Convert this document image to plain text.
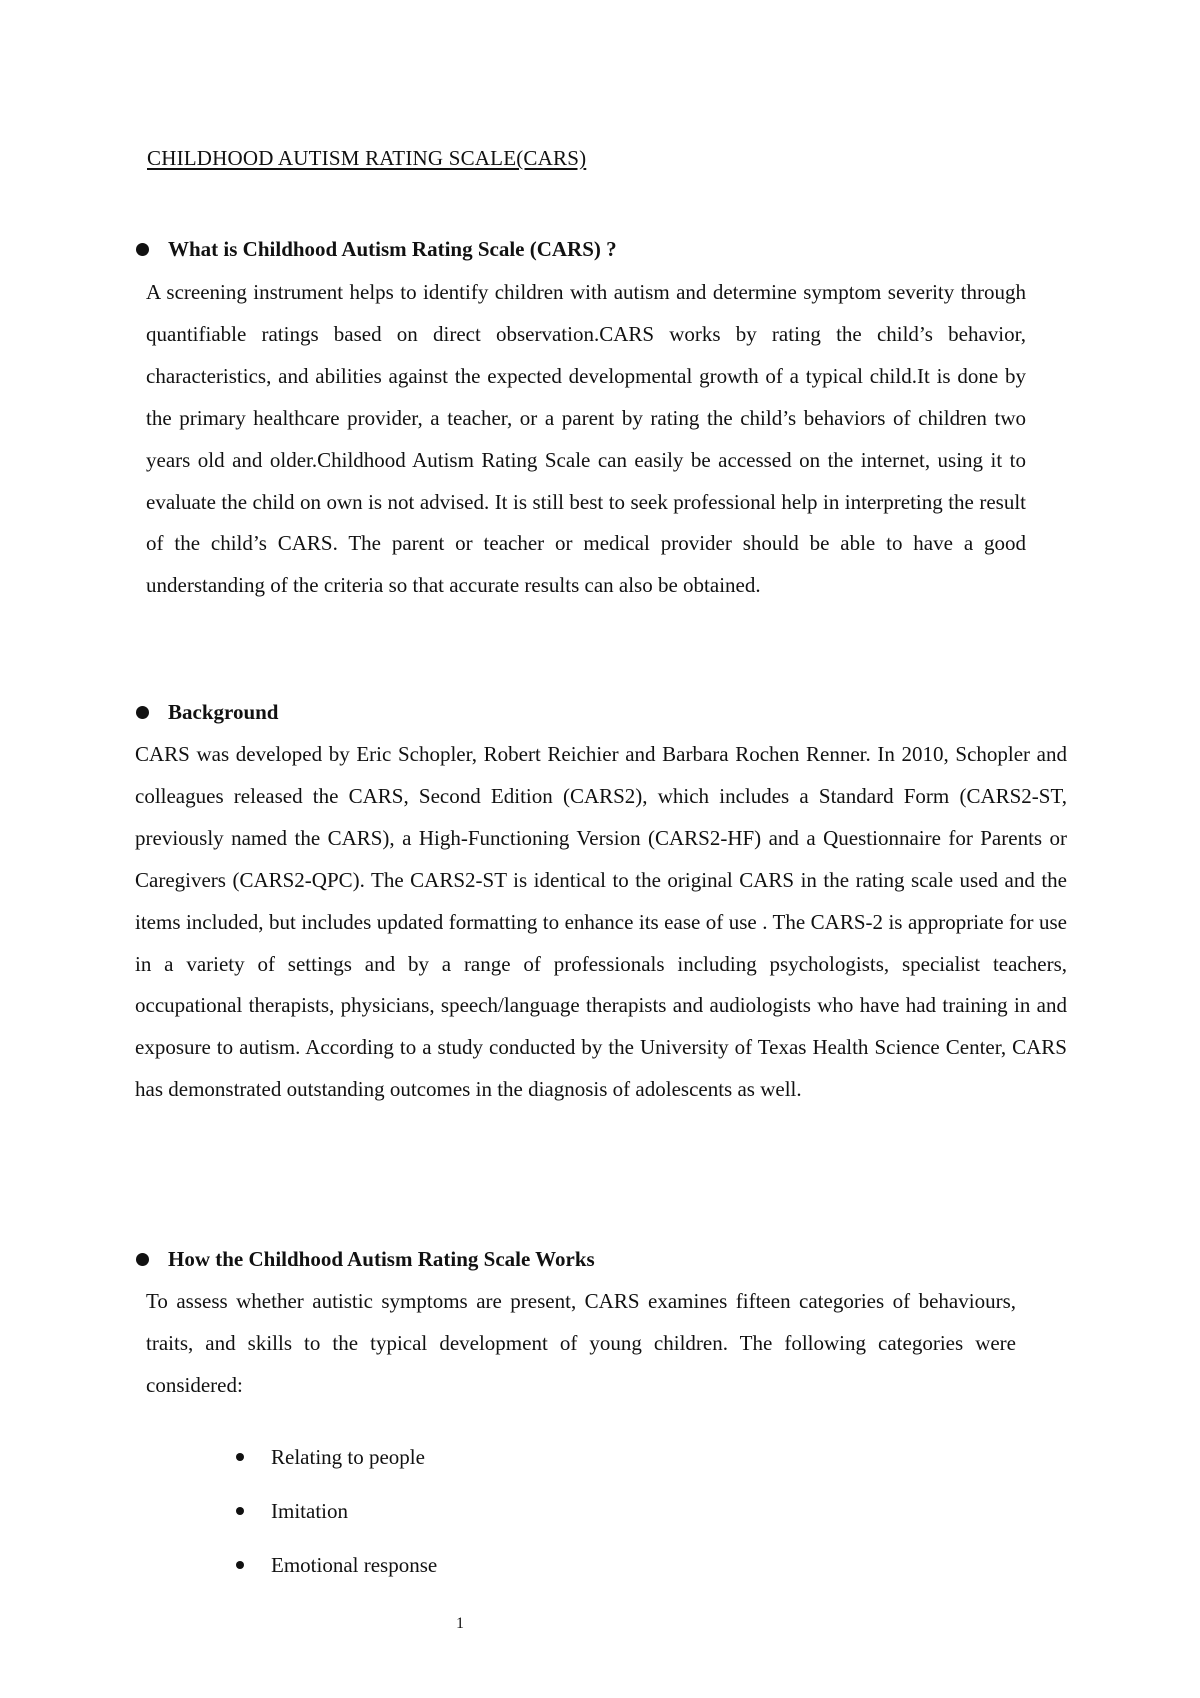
CHILDHOOD AUTISM RATING SCALE(CARS)
What is Childhood Autism Rating Scale (CARS) ?

A screening instrument helps to identify children with autism and determine symptom severity through quantifiable ratings based on direct observation.CARS works by rating the child’s behavior, characteristics, and abilities against the expected developmental growth of a typical child.It is done by the primary healthcare provider, a teacher, or a parent by rating the child’s behaviors of children two years old and older.Childhood Autism Rating Scale can easily be accessed on the internet, using it to evaluate the child on own is not advised. It is still best to seek professional help in interpreting the result of the child’s CARS. The parent or teacher or medical provider should be able to have a good understanding of the criteria so that accurate results can also be obtained.

Background

CARS was developed by Eric Schopler, Robert Reichier and Barbara Rochen Renner. In 2010, Schopler and colleagues released the CARS, Second Edition (CARS2), which includes a Standard Form (CARS2-ST, previously named the CARS), a High-Functioning Version (CARS2-HF) and a Questionnaire for Parents or Caregivers (CARS2-QPC). The CARS2-ST is identical to the original CARS in the rating scale used and the items included, but includes updated formatting to enhance its ease of use . The CARS-2 is appropriate for use in a variety of settings and by a range of professionals including psychologists, specialist teachers, occupational therapists, physicians, speech/language therapists and audiologists who have had training in and exposure to autism. According to a study conducted by the University of Texas Health Science Center, CARS has demonstrated outstanding outcomes in the diagnosis of adolescents as well.

How the Childhood Autism Rating Scale Works

To assess whether autistic symptoms are present, CARS examines fifteen categories of behaviours, traits, and skills to the typical development of young children. The following categories were considered:

Relating to people
Imitation
Emotional response
1
